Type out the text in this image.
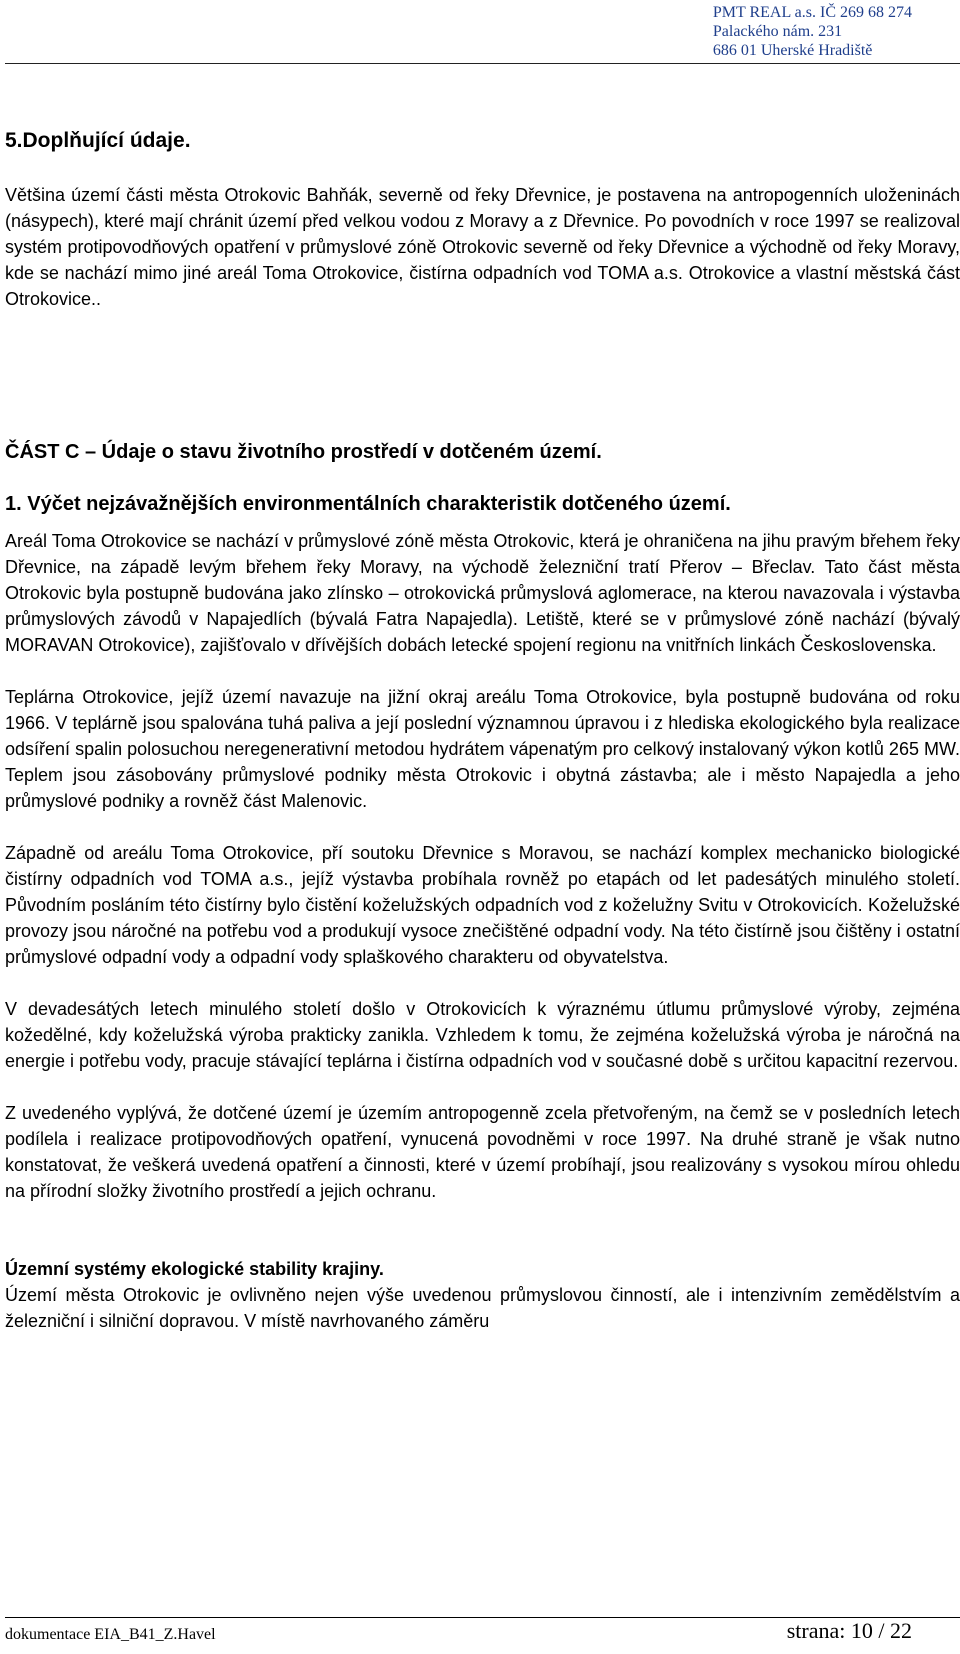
PMT REAL a.s. IČ 269 68 274
Palackého nám. 231
686 01 Uherské Hradiště
5.Doplňující údaje.

Většina území části města Otrokovic Bahňák, severně od řeky Dřevnice, je postavena na antropogenních uloženinách (násypech), které mají chránit území před velkou vodou z Moravy a z Dřevnice. Po povodních v roce 1997 se realizoval systém protipovodňových opatření v průmyslové zóně Otrokovic severně od řeky Dřevnice a východně od řeky Moravy, kde se nachází mimo jiné areál Toma Otrokovice, čistírna odpadních vod TOMA a.s. Otrokovice a vlastní městská část Otrokovice..

ČÁST C – Údaje o stavu životního prostředí v dotčeném území.
1. Výčet nejzávažnějších environmentálních charakteristik dotčeného území.

Areál Toma Otrokovice se nachází v průmyslové zóně města Otrokovic, která je ohraničena na jihu pravým břehem řeky Dřevnice, na západě levým břehem řeky Moravy, na východě železniční tratí Přerov – Břeclav. Tato část města Otrokovic byla postupně budována jako zlínsko – otrokovická průmyslová aglomerace, na kterou navazovala i výstavba průmyslových závodů v Napajedlích (bývalá Fatra Napajedla). Letiště, které se v průmyslové zóně nachází (bývalý MORAVAN Otrokovice), zajišťovalo v dřívějších dobách letecké spojení regionu na vnitřních linkách Československa.

Teplárna Otrokovice, jejíž území navazuje na jižní okraj areálu Toma Otrokovice, byla postupně budována od roku 1966. V teplárně jsou spalována tuhá paliva a její poslední významnou úpravou i z hlediska ekologického byla realizace odsíření spalin polosuchou neregenerativní metodou hydrátem vápenatým pro celkový instalovaný výkon kotlů 265 MW. Teplem jsou zásobovány průmyslové podniky města Otrokovic i obytná zástavba; ale i město Napajedla a jeho průmyslové podniky a rovněž část Malenovic.

Západně od areálu Toma Otrokovice, pří soutoku Dřevnice s Moravou, se nachází komplex mechanicko biologické čistírny odpadních vod TOMA a.s., jejíž výstavba probíhala rovněž po etapách od let padesátých minulého století. Původním posláním této čistírny bylo čistění koželužských odpadních vod z koželužny Svitu v Otrokovicích. Koželužské provozy jsou náročné na potřebu vod a produkují vysoce znečištěné odpadní vody. Na této čistírně jsou čištěny i ostatní průmyslové odpadní vody a odpadní vody splaškového charakteru od obyvatelstva.

V devadesátých letech minulého století došlo v Otrokovicích k výraznému útlumu průmyslové výroby, zejména kožedělné, kdy koželužská výroba prakticky zanikla. Vzhledem k tomu, že zejména koželužská výroba je náročná na energie i potřebu vody, pracuje stávající teplárna i čistírna odpadních vod v současné době s určitou kapacitní rezervou.

Z uvedeného vyplývá, že dotčené území je územím antropogenně zcela přetvořeným, na čemž se v posledních letech podílela i realizace protipovodňových opatření, vynucená povodněmi v roce 1997. Na druhé straně je však nutno konstatovat, že veškerá uvedená opatření a činnosti, které v území probíhají, jsou realizovány s vysokou mírou ohledu na přírodní složky životního prostředí a jejich ochranu.

Územní systémy ekologické stability krajiny.

Území města Otrokovic je ovlivněno nejen výše uvedenou průmyslovou činností, ale i intenzivním zemědělstvím a železniční i silniční dopravou. V místě navrhovaného záměru

dokumentace EIA_B41_Z.Havel	strana: 10 / 22
